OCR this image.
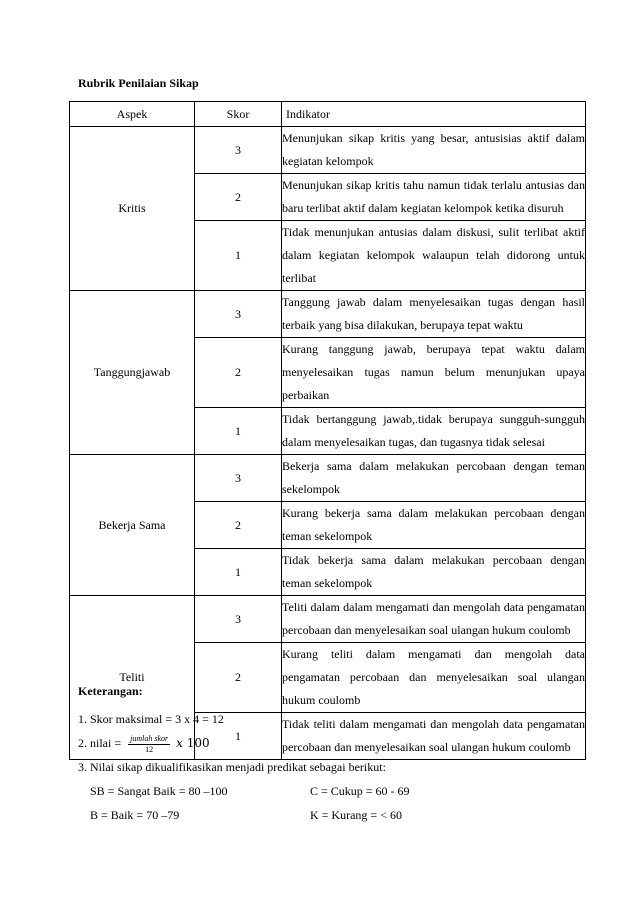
Rubrik Penilaian Sikap
Aspek	Skor	Indikator
Kritis	3	Menunjukan sikap kritis yang besar, antusisias aktif dalam kegiatan kelompok
	2	Menunjukan sikap kritis tahu namun tidak terlalu antusias dan baru terlibat aktif dalam kegiatan kelompok ketika disuruh
	1	Tidak menunjukan antusias dalam diskusi, sulit terlibat aktif dalam kegiatan kelompok walaupun telah didorong untuk terlibat
Tanggungjawab	3	Tanggung jawab dalam menyelesaikan tugas dengan hasil terbaik yang bisa dilakukan, berupaya tepat waktu
	2	Kurang tanggung jawab, berupaya tepat waktu dalam menyelesaikan tugas namun belum menunjukan upaya perbaikan
	1	Tidak bertanggung jawab,.tidak berupaya sungguh-sungguh dalam menyelesaikan tugas, dan tugasnya tidak selesai
Bekerja Sama	3	Bekerja sama dalam melakukan percobaan dengan teman sekelompok
	2	Kurang bekerja sama dalam melakukan percobaan dengan teman sekelompok
	1	Tidak bekerja sama dalam melakukan percobaan dengan teman sekelompok
Teliti	3	Teliti dalam dalam mengamati dan mengolah data pengamatan percobaan dan menyelesaikan soal ulangan hukum coulomb
	2	Kurang teliti dalam mengamati dan mengolah data pengamatan percobaan dan menyelesaikan soal ulangan hukum coulomb
	1	Tidak teliti dalam mengamati dan mengolah data pengamatan percobaan dan menyelesaikan soal ulangan hukum coulomb
Keterangan:
1. Skor maksimal = 3 x 4 = 12
2. nilai = $\frac{\text{jumlah skor}}{12}$ x 100
3. Nilai sikap dikualifikasikan menjadi predikat sebagai berikut:
SB = Sangat Baik = 80 –100	C = Cukup = 60 - 69
B = Baik = 70 –79	K = Kurang = < 60
